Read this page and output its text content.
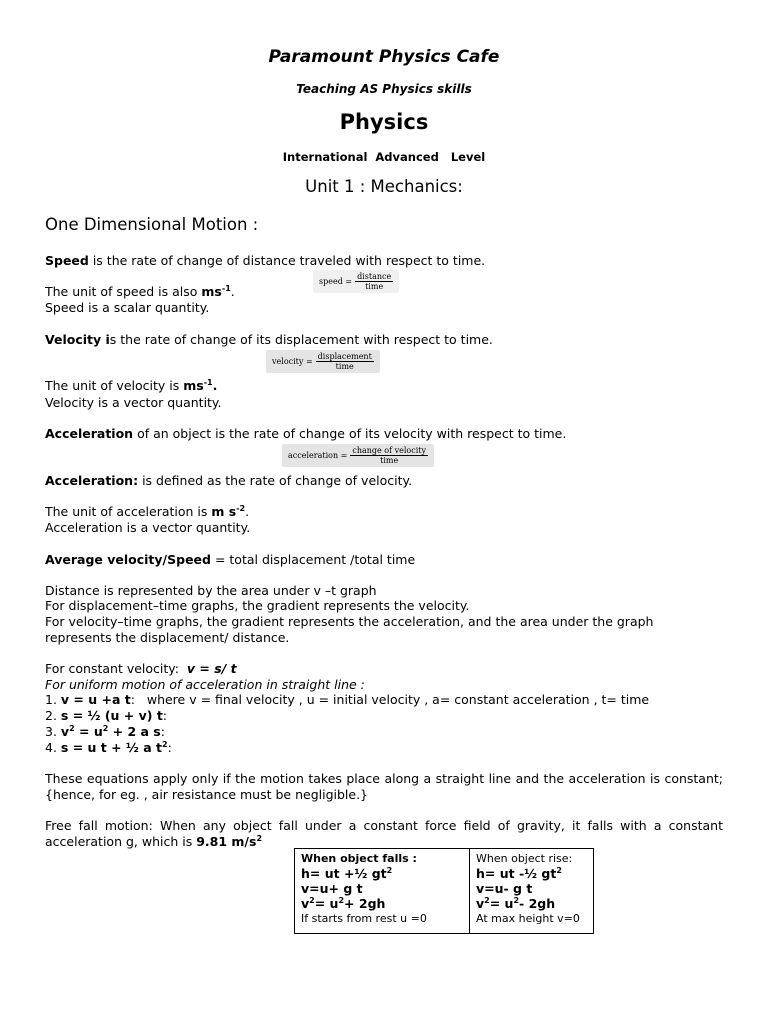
Paramount Physics Cafe
Teaching AS Physics skills
Physics
International  Advanced   Level
Unit 1 : Mechanics:
One Dimensional Motion :
Speed is the rate of change of distance traveled with respect to time.
speed = $\frac{\text{distance}}{\text{time}}$
The unit of speed is also $ms^{-1}$.
Speed is a scalar quantity.
Velocity is the rate of change of its displacement with respect to time.
velocity = $\frac{\text{displacement}}{\text{time}}$
The unit of velocity is $ms^{-1}$.
Velocity is a vector quantity.
Acceleration of an object is the rate of change of its velocity with respect to time.
acceleration = $\frac{\text{change of velocity}}{\text{time}}$
Acceleration: is defined as the rate of change of velocity.
The unit of acceleration is m $s^{-2}$.
Acceleration is a vector quantity.
Average velocity/Speed = total displacement /total time
Distance is represented by the area under v –t graph
For displacement–time graphs, the gradient represents the velocity.
For velocity–time graphs, the gradient represents the acceleration, and the area under the graph represents the displacement/ distance.
For constant velocity:  v = s/ t
For uniform motion of acceleration in straight line :
1. v = u +a t:   where v = final velocity , u = initial velocity , a= constant acceleration , t= time
2. s = ½ (u + v) t:
3. $v^2 = u^2 + 2$ a s:
4. s = u t + ½ a $t^2$:
These equations apply only if the motion takes place along a straight line and the acceleration is constant; {hence, for eg. , air resistance must be negligible.}
Free fall motion: When any object fall under a constant force field of gravity, it falls with a constant acceleration g, which is 9.81 $m/s^2$
When object falls :
h= ut +½ $gt^2$
v=u+ g t
$v^2= u^2+ 2gh$
If starts from rest u =0

When object rise:
h= ut -½ $gt^2$
v=u- g t
$v^2= u^2-$ 2gh
At max height v=0
